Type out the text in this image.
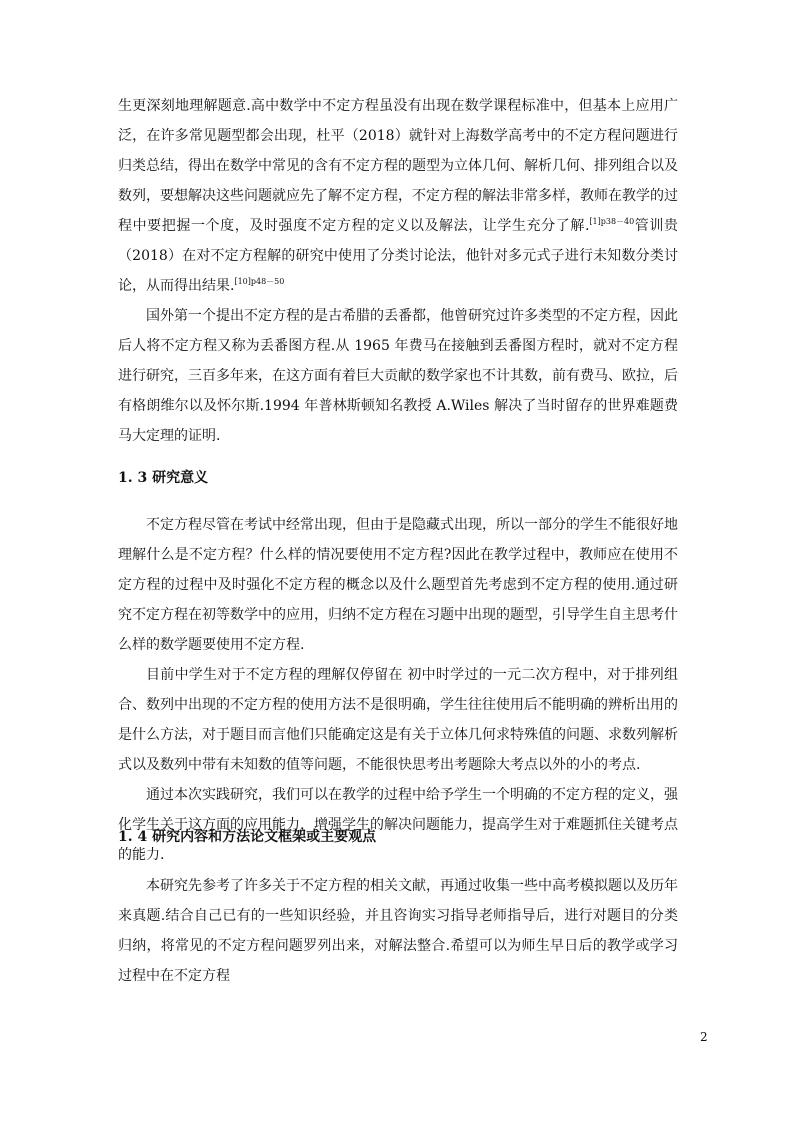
生更深刻地理解题意.高中数学中不定方程虽没有出现在数学课程标准中，但基本上应用广泛，在许多常见题型都会出现，杜平（2018）就针对上海数学高考中的不定方程问题进行归类总结，得出在数学中常见的含有不定方程的题型为立体几何、解析几何、排列组合以及数列，要想解决这些问题就应先了解不定方程，不定方程的解法非常多样，教师在教学的过程中要把握一个度，及时强度不定方程的定义以及解法，让学生充分了解.$^{[1]p38-40}$管训贵（2018）在对不定方程解的研究中使用了分类讨论法，他针对多元式子进行未知数分类讨论，从而得出结果.$^{[10]p48-50}$

国外第一个提出不定方程的是古希腊的丢番都，他曾研究过许多类型的不定方程，因此后人将不定方程又称为丢番图方程.从 1965 年费马在接触到丢番图方程时，就对不定方程进行研究，三百多年来，在这方面有着巨大贡献的数学家也不计其数，前有费马、欧拉，后有格朗维尔以及怀尔斯.1994 年普林斯顿知名教授 A.Wiles 解决了当时留存的世界难题费马大定理的证明.

1. 3 研究意义

不定方程尽管在考试中经常出现，但由于是隐藏式出现，所以一部分的学生不能很好地理解什么是不定方程？什么样的情况要使用不定方程?因此在教学过程中，教师应在使用不定方程的过程中及时强化不定方程的概念以及什么题型首先考虑到不定方程的使用.通过研究不定方程在初等数学中的应用，归纳不定方程在习题中出现的题型，引导学生自主思考什么样的数学题要使用不定方程.

目前中学生对于不定方程的理解仅停留在 初中时学过的一元二次方程中，对于排列组合、数列中出现的不定方程的使用方法不是很明确，学生往往使用后不能明确的辨析出用的是什么方法，对于题目而言他们只能确定这是有关于立体几何求特殊值的问题、求数列解析式以及数列中带有未知数的值等问题，不能很快思考出考题除大考点以外的小的考点.

通过本次实践研究，我们可以在教学的过程中给予学生一个明确的不定方程的定义，强化学生关于这方面的应用能力，增强学生的解决问题能力，提高学生对于难题抓住关键考点的能力.

1. 4 研究内容和方法论文框架或主要观点

本研究先参考了许多关于不定方程的相关文献，再通过收集一些中高考模拟题以及历年来真题.结合自己已有的一些知识经验，并且咨询实习指导老师指导后，进行对题目的分类归纳，将常见的不定方程问题罗列出来，对解法整合.希望可以为师生早日后的教学或学习过程中在不定方程

2
